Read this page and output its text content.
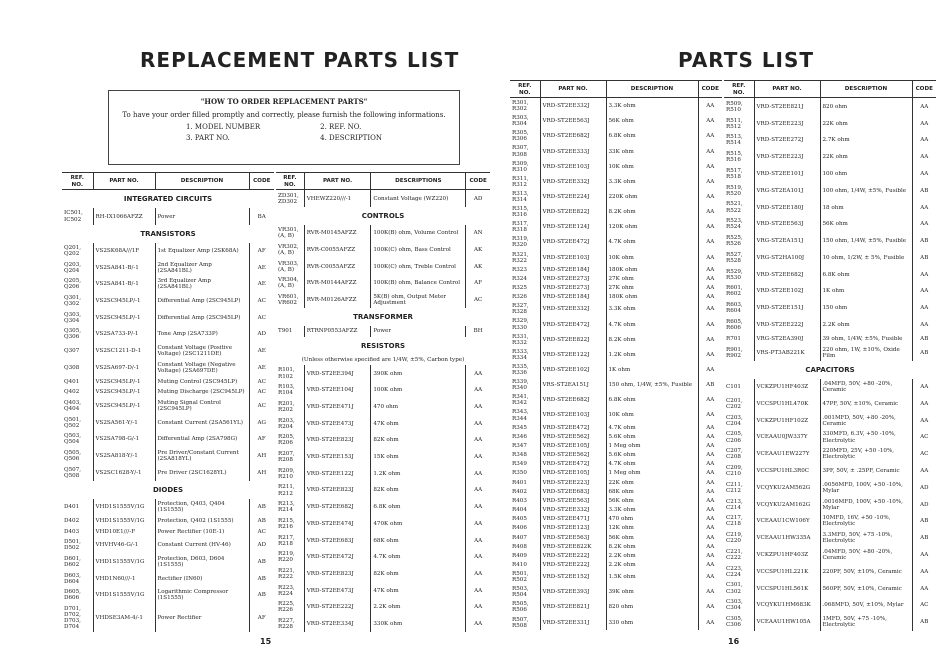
REPLACEMENT PARTS LIST
"HOW TO ORDER REPLACEMENT PARTS"
To have your order filled promptly and correctly, please furnish the following informations.
1. MODEL NUMBER
3. PART NO.
2. REF. NO.
4. DESCRIPTION
REF. NO.	PART NO.	DESCRIPTION	CODE
INTEGRATED CIRCUITS			
IC501, IC502	RH-IX1066AFZZ	Power	BA
TRANSISTORS			
Q201, Q202	VS2SK68A///1F	1st Equalizer Amp (2SK68A)	AF
Q203, Q204	VS2SA841-B/-1	2nd Equalizer Amp (2SA841BL)	AE
Q205, Q206	VS2SA841-B/-1	3rd Equalizer Amp (2SA841BL)	AE
Q301, Q302	VS2SC945LP/-1	Differential Amp (2SC945LP)	AC
Q303, Q304	VS2SC945LP/-1	Differential Amp (2SC945LP)	AC
Q305, Q306	VS2SA733-P/-1	Tone Amp (2SA733P)	AD
Q307	VS2SC1211-D-1	Constant Voltage (Positive Voltage) (2SC1211DE)	AE
Q308	VS2SA697-D/-1	Constant Voltage (Negative Voltage) (2SA697DE)	AE
Q401	VS2SC945LP/-1	Muting Control (2SC945LP)	AC
Q402	VS2SC945LP/-1	Muting Discharge (2SC945LP)	AC
Q403, Q404	VS2SC945LP/-1	Muting Signal Control (2SC945LP)	AC
Q501, Q502	VS2SA561-Y/-1	Constant Current (2SA561YL)	AG
Q503, Q504	VS2SA798-G/-1	Differential Amp (2SA798G)	AF
Q505, Q506	VS2SA818-Y/-1	Pre Driver/Constant Current (2SA818YL)	AH
Q507, Q508	VS2SC1628-Y/-1	Pre Driver (2SC1628YL)	AH
DIODES			
D401	VHD1S1555V/1G	Protection, Q403, Q404 (1S1555)	AB
D402	VHD1S1555V/1G	Protection, Q402 (1S1555)	AB
D403	VHD10E1///-F	Power Rectifier (10E-1)	AC
D501, D502	VHVHV46-G/-1	Constant Current (HV-46)	AD
D601, D602	VHD1S1555V/1G	Protection, D603, D604 (1S1555)	AB
D603, D604	VHD1N60///-1	Rectifier (IN60)	AB
D605, D606	VHD1S1555V/1G	Logarithmic Compressor (1S1555)	AB
D701, D702, D703, D704	VHDSE3AM-4/-1	Power Rectifier	AF
REF. NO.	PART NO.	DESCRIPTIONS	CODE
ZD301, ZD302	VHEWZ220///-1	Constant Voltage (WZ220)	AD
CONTROLS			
VR301, (A, B)	RVR-M0145AFZZ	100K(B) ohm, Volume Control	AN
VR302, (A, B)	RVR-C0055AFZZ	100K(C) ohm, Bass Control	AK
VR303, (A, B)	RVR-C0055AFZZ	100K(C) ohm, Treble Control	AK
VR304, (A, B)	RVR-M0144AFZZ	100K(B) ohm, Balance Control	AF
VR601, VR602	RVR-M0126AFZZ	5K(B) ohm, Output Meter Adjustment	AC
TRANSFORMER			
T901	RTRNP0553AFZZ	Power	BH
RESISTORS			
(Unless otherwise specified are 1/4W, ±5%, Carbon type)			
R101, R102	VRD-ST2EE394J	390K ohm	AA
R103, R104	VRD-ST2EE104J	100K ohm	AA
R201, R202	VRD-ST2EE471J	470 ohm	AA
R203, R204	VRD-ST2EE473J	47K ohm	AA
R205, R206	VRD-ST2EE823J	82K ohm	AA
R207, R208	VRD-ST2EE153J	15K ohm	AA
R209, R210	VRD-ST2EE122J	1.2K ohm	AA
R211, R212	VRD-ST2EE823J	82K ohm	AA
R213, R214	VRD-ST2EE682J	6.8K ohm	AA
R215, R216	VRD-ST2EE474J	470K ohm	AA
R217, R218	VRD-ST2EE683J	68K ohm	AA
R219, R220	VRD-ST2EE472J	4.7K ohm	AA
R221, R222	VRD-ST2EE823J	82K ohm	AA
R223, R224	VRD-ST2EE473J	47K ohm	AA
R225, R226	VRD-ST2EE222J	2.2K ohm	AA
R227, R228	VRD-ST2EE334J	330K ohm	AA
15
PARTS LIST
REF. NO.	PART NO.	DESCRIPTION	CODE
R301, R302	VRD-ST2EE332J	3.3K ohm	AA
R303, R304	VRD-ST2EE563J	56K ohm	AA
R305, R306	VRD-ST2EE682J	6.8K ohm	AA
R307, R308	VRD-ST2EE333J	33K ohm	AA
R309, R310	VRD-ST2EE103J	10K ohm	AA
R311, R312	VRD-ST2EE332J	3.3K ohm	AA
R313, R314	VRD-ST2EE224J	220K ohm	AA
R315, R316	VRD-ST2EE822J	8.2K ohm	AA
R317, R318	VRD-ST2EE124J	120K ohm	AA
R319, R320	VRD-ST2EE472J	4.7K ohm	AA
R321, R322	VRD-ST2EE103J	10K ohm	AA
R323	VRD-ST2EE184J	180K ohm	AA
R324	VRD-ST2EE273J	27K ohm	AA
R325	VRD-ST2EE273J	27K ohm	AA
R326	VRD-ST2EE184J	180K ohm	AA
R327, R328	VRD-ST2EE332J	3.3K ohm	AA
R329, R330	VRD-ST2EE472J	4.7K ohm	AA
R331, R332	VRD-ST2EE822J	8.2K ohm	AA
R333, R334	VRD-ST2EE122J	1.2K ohm	AA
R335, R336	VRD-ST2EE102J	1K ohm	AA
R339, R340	VRS-ST2EA151J	150 ohm, 1/4W, ±5%, Fusible	AB
R341, R342	VRD-ST2EE682J	6.8K ohm	AA
R343, R344	VRD-ST2EE103J	10K ohm	AA
R345	VRD-ST2EE472J	4.7K ohm	AA
R346	VRD-ST2EE562J	5.6K ohm	AA
R347	VRD-ST2EE105J	1 Meg ohm	AA
R348	VRD-ST2EE562J	5.6K ohm	AA
R349	VRD-ST2EE472J	4.7K ohm	AA
R350	VRD-ST2EE105J	1 Meg ohm	AA
R401	VRD-ST2EE223J	22K ohm	AA
R402	VRD-ST2EE683J	68K ohm	AA
R403	VRD-ST2EE563J	56K ohm	AA
R404	VRD-ST2EE332J	3.3K ohm	AA
R405	VRD-ST2EE471J	470 ohm	AA
R406	VRD-ST2EE123J	12K ohm	AA
R407	VRD-ST2EE563J	56K ohm	AA
R408	VRD-ST2EE822K	8.2K ohm	AA
R409	VRD-ST2EE222J	2.2K ohm	AA
R410	VRD-ST2EE222J	2.2K ohm	AA
R501, R502	VRD-ST2EE152J	1.5K ohm	AA
R503, R504	VRD-ST2EE393J	39K ohm	AA
R505, R506	VRD-ST2EE821J	820 ohm	AA
R507, R508	VRD-ST2EE331J	330 ohm	AA
REF. NO.	PART NO.	DESCRIPTION	CODE
R509, R510	VRD-ST2EE821J	820 ohm	AA
R511, R512	VRD-ST2EE223J	22K ohm	AA
R513, R514	VRD-ST2EE272J	2.7K ohm	AA
R515, R516	VRD-ST2EE223J	22K ohm	AA
R517, R518	VRD-ST2EE101J	100 ohm	AA
R519, R520	VRG-ST2EA101J	100 ohm, 1/4W, ±5%, Fusible	AB
R521, R522	VRD-ST2EE180J	18 ohm	AA
R523, R524	VRD-ST2EE563J	56K ohm	AA
R525, R526	VRG-ST2EA151J	150 ohm, 1/4W, ±5%, Fusible	AB
R527, R528	VRG-ST2HA100J	10 ohm, 1/2W, ± 5%, Fusible	AB
R529, R530	VRD-ST2EE682J	6.8K ohm	AA
R601, R602	VRD-ST2EE102J	1K ohm	AA
R603, R604	VRD-ST2EE151J	150 ohm	AA
R605, R606	VRD-ST2EE222J	2.2K ohm	AA
R701	VRG-ST2EA390J	39 ohm, 1/4W, ±5%, Fusible	AB
R901, R902	VRS-PT3AB221K	220 ohm, 1W, ±10%, Oxide Film	AB
CAPACITORS			
C101	VCKZPU1HF403Z	.04MFD, 50V, +80 -20%, Ceramic	AA
C201, C202	VCCSPU1HL470K	47PF, 50V, ±10%, Ceramic	AA
C203, C204	VCKZPU1HF102Z	.001MFD, 50V, +80 -20%, Ceramic	AA
C205, C206	VCEAAU0JW337Y	330MFD, 6.3V, +50 -10%, Electrolytic	AC
C207, C208	VCEAAU1EW227Y	220MFD, 25V, +50 -10%, Electrolytic	AC
C209, C210	VCCSPU1HL3R0C	3PF, 50V, ± .25PF, Ceramic	AA
C211, C212	VCQYKU2AM562G	.0056MFD, 100V, +50 -10%, Mylar	AD
C213, C214	VCQYKU2AM162G	.0016MFD, 100V, +50 -10%, Mylar	AD
C217, C218	VCEAAU1CW106Y	10MFD, 16V, +50 -10%, Electrolytic	AB
C219, C220	VCEAAU1HW335A	3.3MFD, 50V, +75 -10%, Electrolytic	AB
C221, C222	VCKZPU1HF403Z	.04MFD, 50V, +80 -20%, Ceramic	AA
C223, C224	VCCSPU1HL221K	220PF, 50V, ±10%, Ceramic	AA
C301, C302	VCCSPU1HL561K	560PF, 50V, ±10%, Ceramic	AA
C303, C304	VCQYKU1HM683K	.068MFD, 50V, ±10%, Mylar	AC
C305, C306	VCEAAU1HW105A	1MFD, 50V, +75 -10%, Electrolytic	AB
16
